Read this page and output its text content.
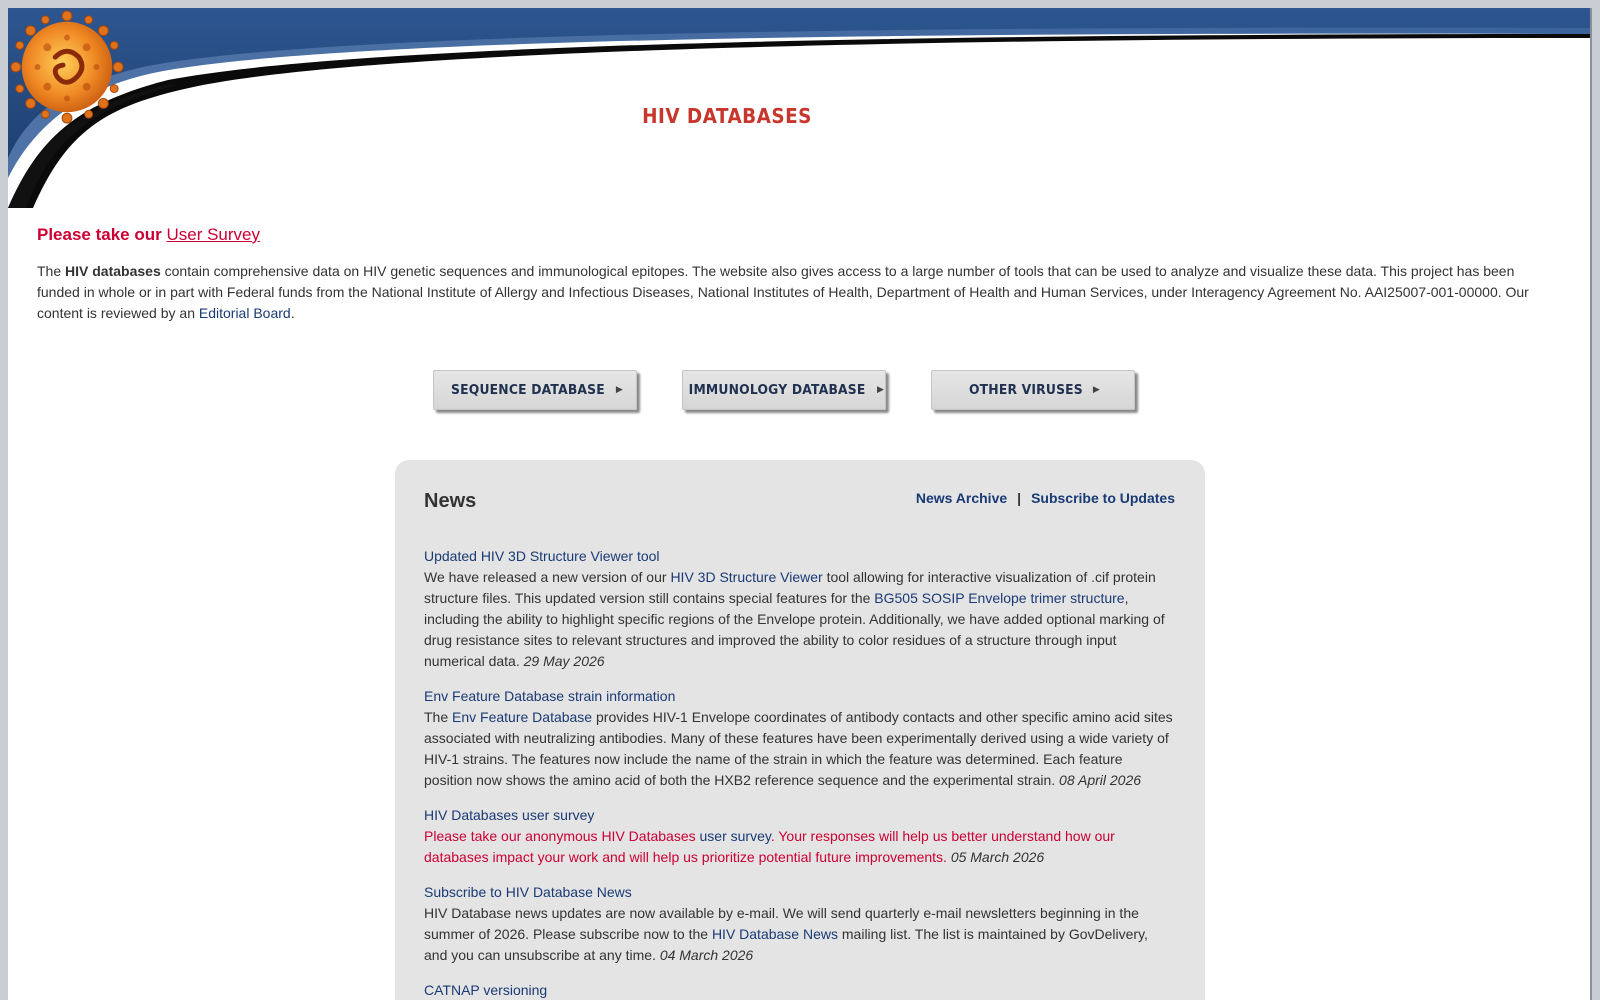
HIV DATABASES
Please take our User Survey
The HIV databases contain comprehensive data on HIV genetic sequences and immunological epitopes. The website also gives access to a large number of tools that can be used to analyze and visualize these data. This project has been funded in whole or in part with Federal funds from the National Institute of Allergy and Infectious Diseases, National Institutes of Health, Department of Health and Human Services, under Interagency Agreement No. AAI25007-001-00000. Our content is reviewed by an Editorial Board.
SEQUENCE DATABASE ▶	IMMUNOLOGY DATABASE ▶	OTHER VIRUSES ▶
News	News Archive | Subscribe to Updates
Updated HIV 3D Structure Viewer tool
We have released a new version of our HIV 3D Structure Viewer tool allowing for interactive visualization of .cif protein structure files. This updated version still contains special features for the BG505 SOSIP Envelope trimer structure, including the ability to highlight specific regions of the Envelope protein. Additionally, we have added optional marking of drug resistance sites to relevant structures and improved the ability to color residues of a structure through input numerical data. 29 May 2026
Env Feature Database strain information
The Env Feature Database provides HIV-1 Envelope coordinates of antibody contacts and other specific amino acid sites associated with neutralizing antibodies. Many of these features have been experimentally derived using a wide variety of HIV-1 strains. The features now include the name of the strain in which the feature was determined. Each feature position now shows the amino acid of both the HXB2 reference sequence and the experimental strain. 08 April 2026
HIV Databases user survey
Please take our anonymous HIV Databases user survey. Your responses will help us better understand how our databases impact your work and will help us prioritize potential future improvements. 05 March 2026
Subscribe to HIV Database News
HIV Database news updates are now available by e-mail. We will send quarterly e-mail newsletters beginning in the summer of 2026. Please subscribe now to the HIV Database News mailing list. The list is maintained by GovDelivery, and you can unsubscribe at any time. 04 March 2026
CATNAP versioning
